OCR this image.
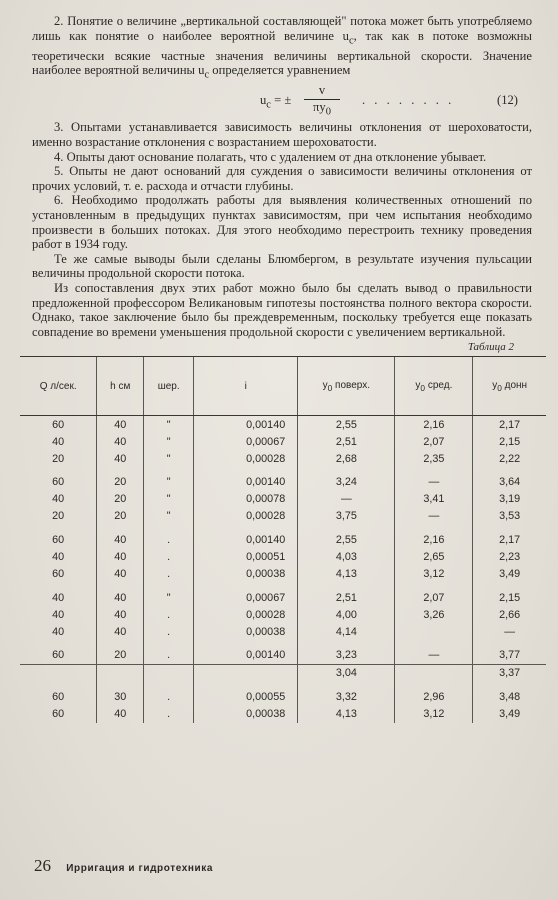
2. Понятие о величине „вертикальной составляющей" потока может быть употребляемо лишь как понятие о наиболее вероятной величине $u_c$, так как в потоке возможны теоретически всякие частные значения величины вертикальной скорости. Значение наиболее вероятной величины $u_c$ определяется уравнением

$u_c$ = ±
v
$\pi y_0$
. . . . . . . .	(12)

3. Опытами устанавливается зависимость величины отклонения от шероховатости, именно возрастание отклонения с возрастанием шероховатости.

4. Опыты дают основание полагать, что с удалением от дна отклонение убывает.

5. Опыты не дают оснований для суждения о зависимости величины отклонения от прочих условий, т. е. расхода и отчасти глубины.

6. Необходимо продолжать работы для выявления количественных отношений по установленным в предыдущих пунктах зависимостям, при чем испытания необходимо произвести в больших потоках. Для этого необходимо перестроить технику проведения работ в 1934 году.

Те же самые выводы были сделаны Блюмбергом, в результате изучения пульсации величины продольной скорости потока.

Из сопоставления двух этих работ можно было бы сделать вывод о правильности предложенной профессором Великановым гипотезы постоянства полного вектора скорости. Однако, такое заключение было бы преждевременным, поскольку требуется еще показать совпадение во времени уменьшения продольной скорости с увеличением вертикальной.

Таблица 2
Q л/сек.	h см	шер.	i	$y_0$ поверх.	$y_0$ сред.	$y_0$ донн
60	40	"	0,00140	2,55	2,16	2,17
40	40	"	0,00067	2,51	2,07	2,15
20	40	"	0,00028	2,68	2,35	2,22
60	20	"	0,00140	3,24	—	3,64
40	20	"	0,00078	—	3,41	3,19
20	20	"	0,00028	3,75	—	3,53
60	40	.	0,00140	2,55	2,16	2,17
40	40	.	0,00051	4,03	2,65	2,23
60	40	.	0,00038	4,13	3,12	3,49
40	40	"	0,00067	2,51	2,07	2,15
40	40	.	0,00028	4,00	3,26	2,66
40	40	.	0,00038	4,14		—
60	20	.	0,00140	3,23	—	3,77
				3,04		3,37
60	30	.	0,00055	3,32	2,96	3,48
60	40	.	0,00038	4,13	3,12	3,49
26 Ирригация и гидротехника
